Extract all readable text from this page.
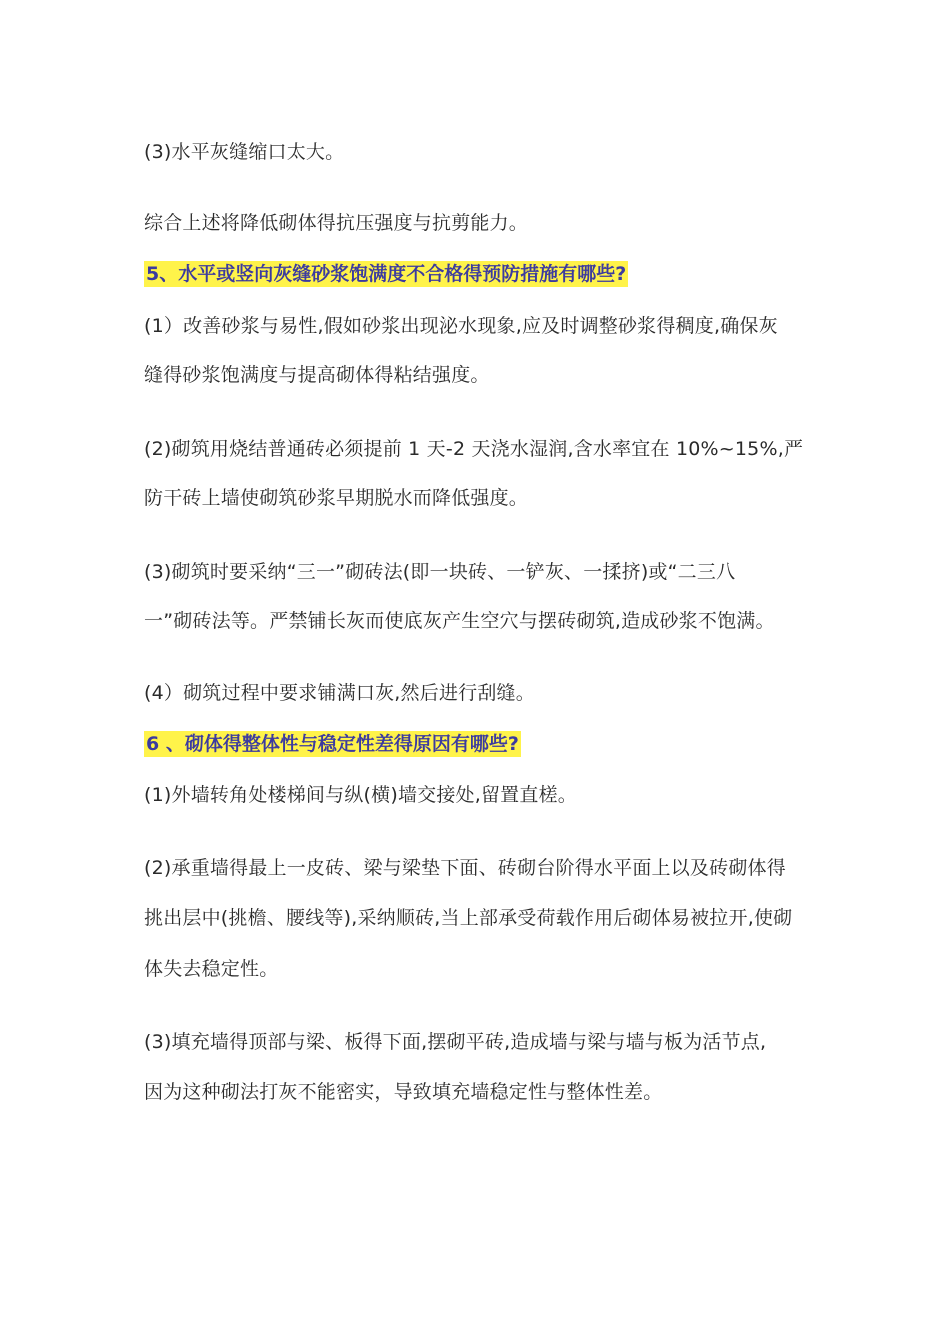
(3)水平灰缝缩口太大。
综合上述将降低砌体得抗压强度与抗剪能力。
5、水平或竖向灰缝砂浆饱满度不合格得预防措施有哪些?
(1）改善砂浆与易性,假如砂浆出现泌水现象,应及时调整砂浆得稠度,确保灰
缝得砂浆饱满度与提高砌体得粘结强度。
(2)砌筑用烧结普通砖必须提前 1 天-2 天浇水湿润,含水率宜在 10%~15%,严
防干砖上墙使砌筑砂浆早期脱水而降低强度。
(3)砌筑时要采纳“三一”砌砖法(即一块砖、一铲灰、一揉挤)或“二三八
一”砌砖法等。严禁铺长灰而使底灰产生空穴与摆砖砌筑,造成砂浆不饱满。
(4）砌筑过程中要求铺满口灰,然后进行刮缝。
6 、砌体得整体性与稳定性差得原因有哪些?
(1)外墙转角处楼梯间与纵(横)墙交接处,留置直槎。
(2)承重墙得最上一皮砖、梁与梁垫下面、砖砌台阶得水平面上以及砖砌体得
挑出层中(挑檐、腰线等),采纳顺砖,当上部承受荷载作用后砌体易被拉开,使砌
体失去稳定性。
(3)填充墙得顶部与梁、板得下面,摆砌平砖,造成墙与梁与墙与板为活节点,
因为这种砌法打灰不能密实，导致填充墙稳定性与整体性差。
